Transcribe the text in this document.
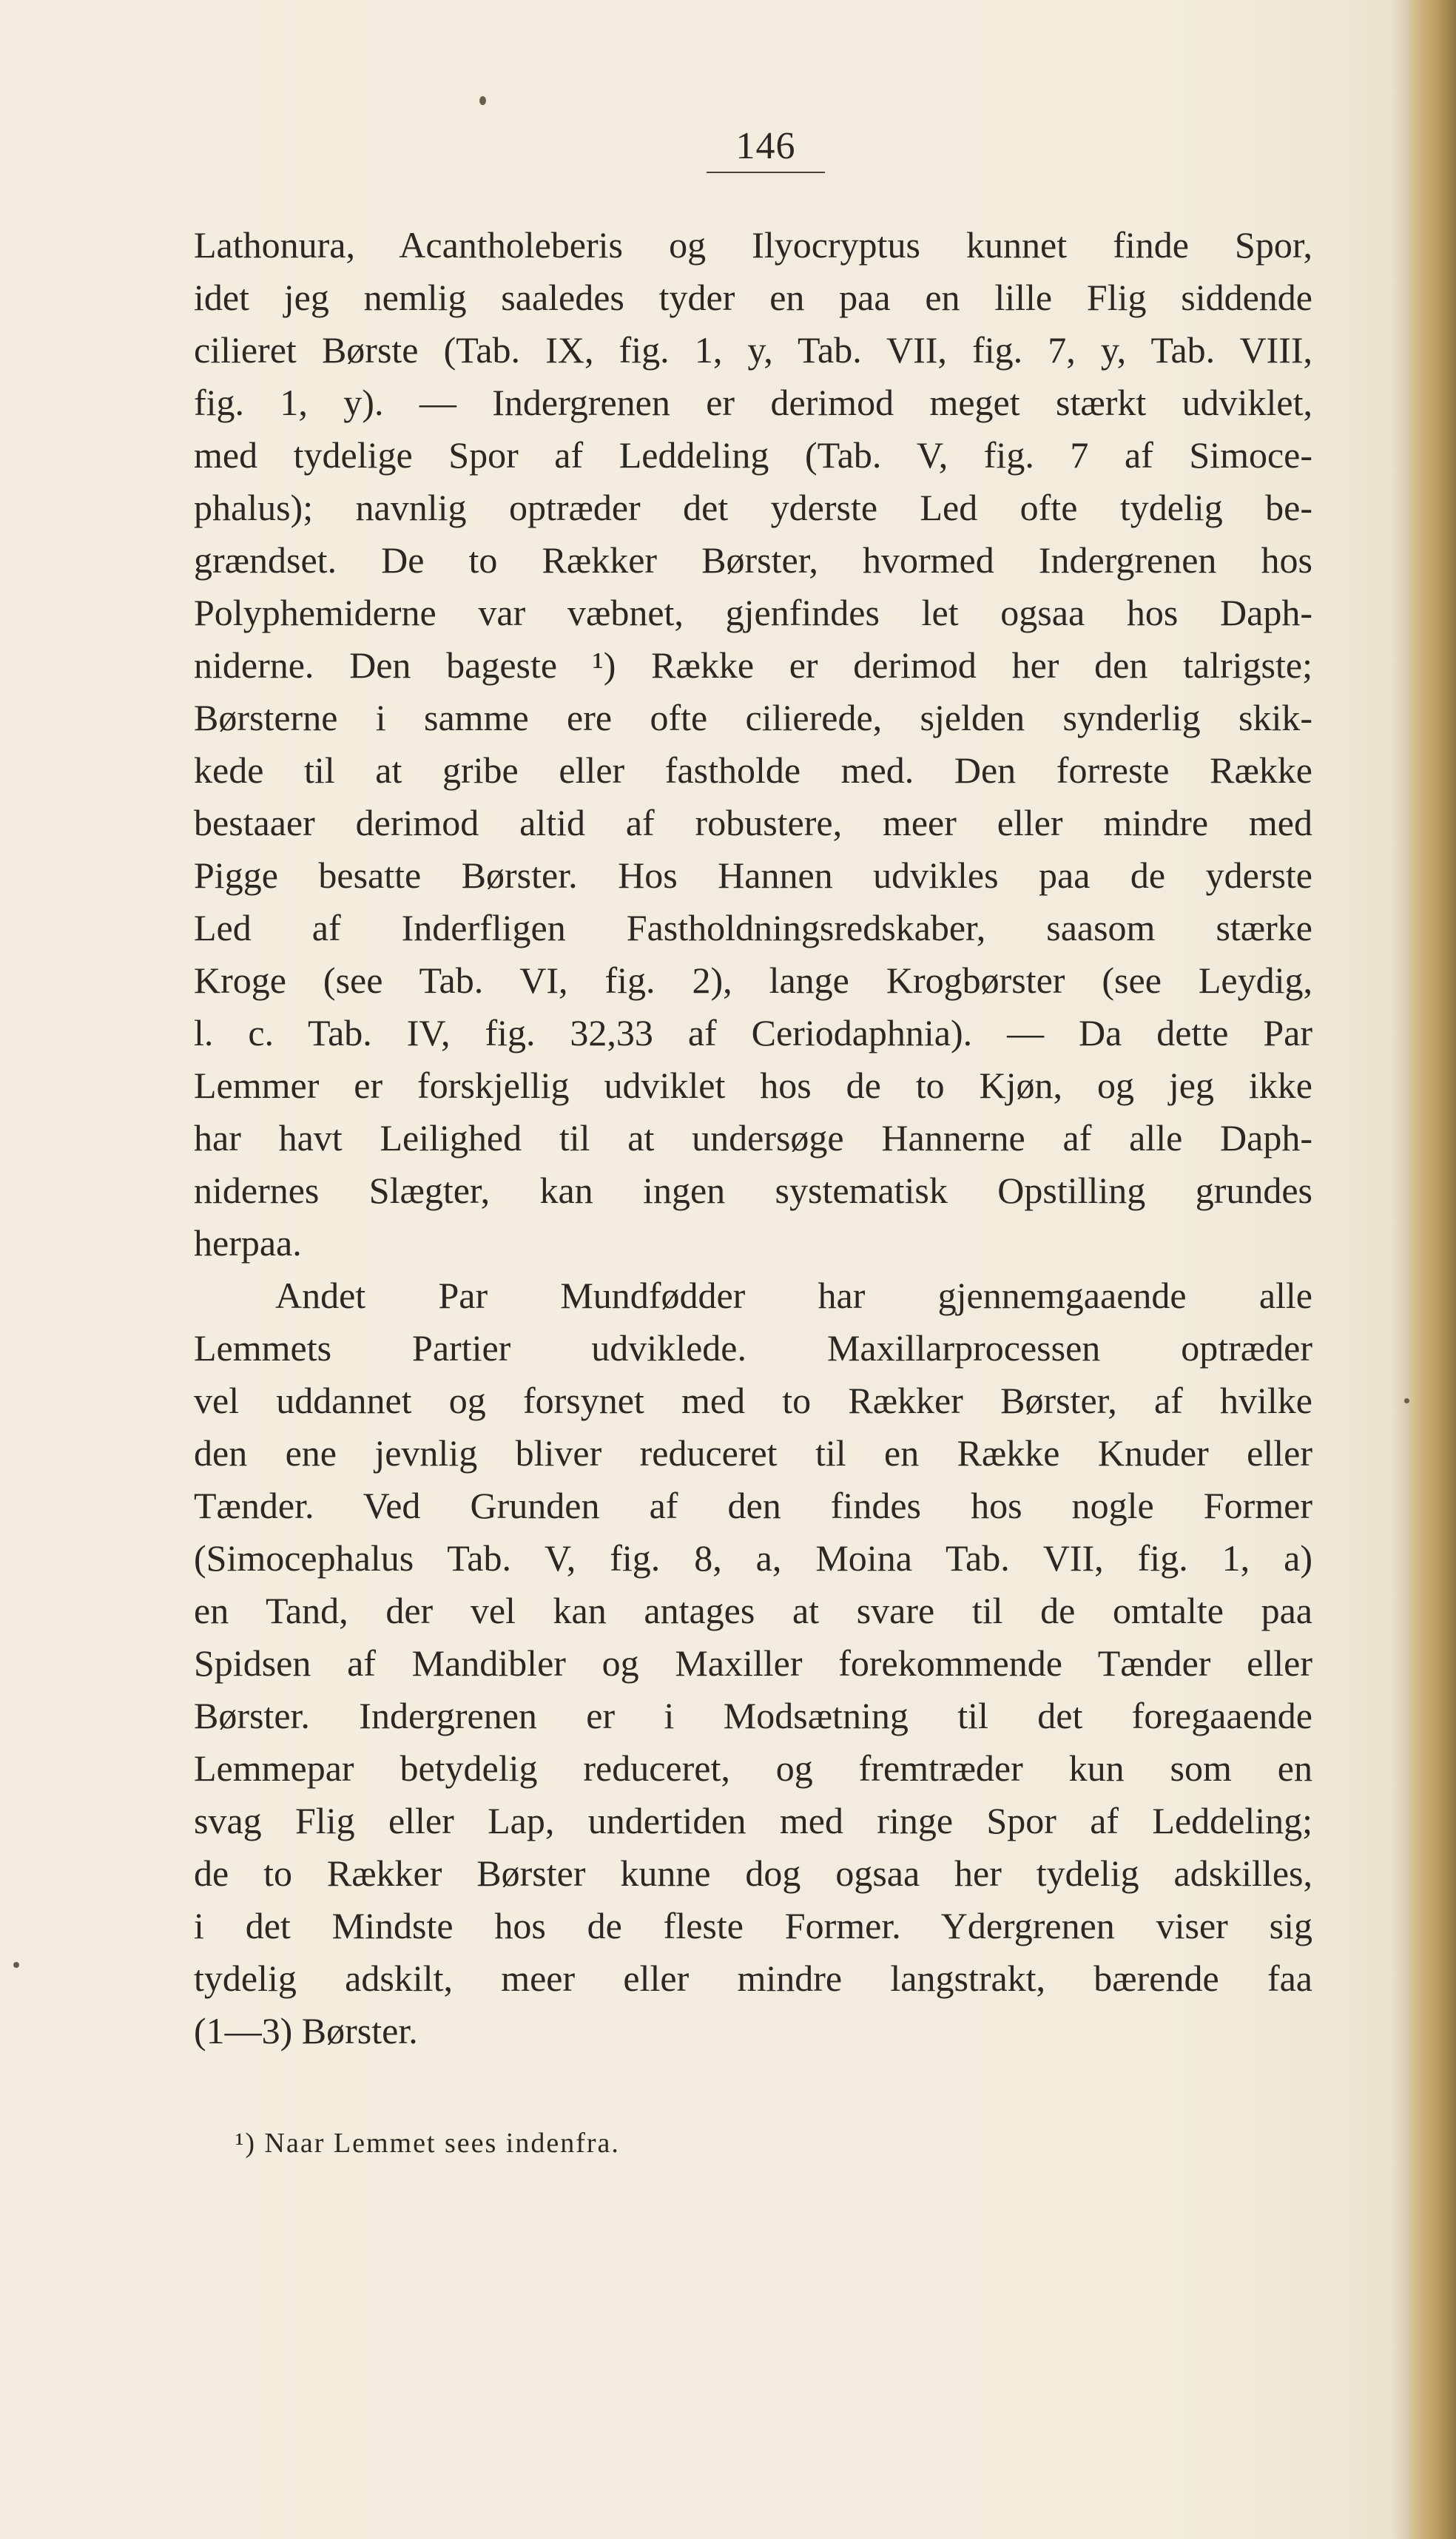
146
Lathonura, Acantholeberis og Ilyocryptus kunnet finde Spor,
idet jeg nemlig saaledes tyder en paa en lille Flig siddende
cilieret Børste (Tab. IX, fig. 1, y, Tab. VII, fig. 7, y, Tab. VIII,
fig. 1, y). — Indergrenen er derimod meget stærkt udviklet,
med tydelige Spor af Leddeling (Tab. V, fig. 7 af Simoce-
phalus); navnlig optræder det yderste Led ofte tydelig be-
grændset. De to Rækker Børster, hvormed Indergrenen hos
Polyphemiderne var væbnet, gjenfindes let ogsaa hos Daph-
niderne. Den bageste ¹) Række er derimod her den talrigste;
Børsterne i samme ere ofte cilierede, sjelden synderlig skik-
kede til at gribe eller fastholde med. Den forreste Række
bestaaer derimod altid af robustere, meer eller mindre med
Pigge besatte Børster. Hos Hannen udvikles paa de yderste
Led af Inderfligen Fastholdningsredskaber, saasom stærke
Kroge (see Tab. VI, fig. 2), lange Krogbørster (see Leydig,
l. c. Tab. IV, fig. 32,33 af Ceriodaphnia). — Da dette Par
Lemmer er forskjellig udviklet hos de to Kjøn, og jeg ikke
har havt Leilighed til at undersøge Hannerne af alle Daph-
nidernes Slægter, kan ingen systematisk Opstilling grundes
herpaa.
Andet Par Mundfødder har gjennemgaaende alle
Lemmets Partier udviklede. Maxillarprocessen optræder
vel uddannet og forsynet med to Rækker Børster, af hvilke
den ene jevnlig bliver reduceret til en Række Knuder eller
Tænder. Ved Grunden af den findes hos nogle Former
(Simocephalus Tab. V, fig. 8, a, Moina Tab. VII, fig. 1, a)
en Tand, der vel kan antages at svare til de omtalte paa
Spidsen af Mandibler og Maxiller forekommende Tænder eller
Børster. Indergrenen er i Modsætning til det foregaaende
Lemmepar betydelig reduceret, og fremtræder kun som en
svag Flig eller Lap, undertiden med ringe Spor af Leddeling;
de to Rækker Børster kunne dog ogsaa her tydelig adskilles,
i det Mindste hos de fleste Former. Ydergrenen viser sig
tydelig adskilt, meer eller mindre langstrakt, bærende faa
(1—3) Børster.
¹) Naar Lemmet sees indenfra.
